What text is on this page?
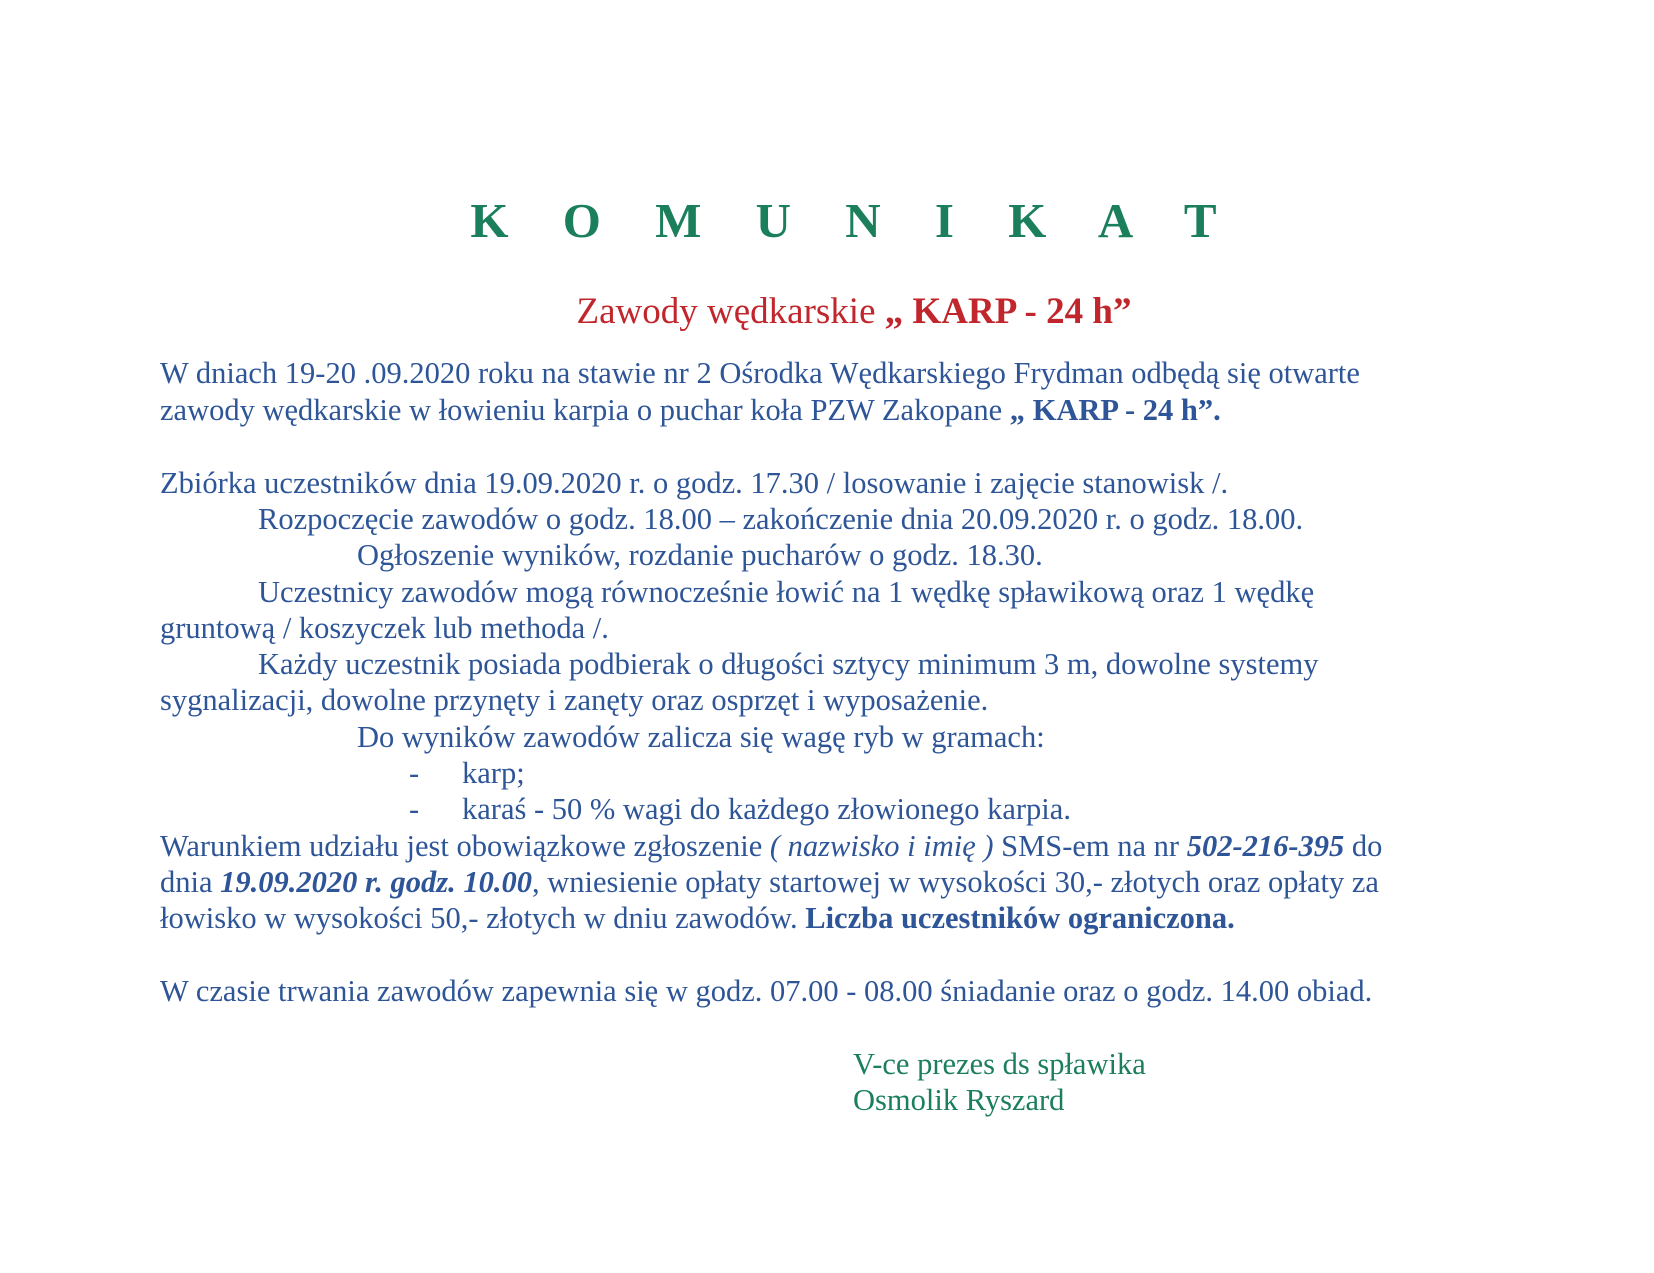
K O M U N I K A T

Zawody wędkarskie „ KARP - 24 h”

W dniach 19-20 .09.2020 roku na stawie nr 2 Ośrodka Wędkarskiego Frydman odbędą się otwarte

zawody wędkarskie w łowieniu karpia o puchar koła PZW Zakopane „ KARP - 24 h”.

Zbiórka uczestników dnia 19.09.2020 r. o godz. 17.30 / losowanie i zajęcie stanowisk /.

Rozpoczęcie zawodów o godz. 18.00 – zakończenie dnia 20.09.2020 r. o godz. 18.00.

Ogłoszenie wyników, rozdanie pucharów o godz. 18.30.

Uczestnicy zawodów mogą równocześnie łowić na 1 wędkę spławikową oraz 1 wędkę

gruntową / koszyczek lub methoda /.

Każdy uczestnik posiada podbierak o długości sztycy minimum 3 m, dowolne systemy

sygnalizacji, dowolne przynęty i zanęty oraz osprzęt i wyposażenie.

Do wyników zawodów zalicza się wagę ryb w gramach:

- karp;

- karaś - 50 % wagi do każdego złowionego karpia.

Warunkiem udziału jest obowiązkowe zgłoszenie ( nazwisko i imię ) SMS-em na nr 502-216-395 do

dnia 19.09.2020 r. godz. 10.00, wniesienie opłaty startowej w wysokości 30,- złotych oraz opłaty za

łowisko w wysokości 50,- złotych w dniu zawodów. Liczba uczestników ograniczona.

W czasie trwania zawodów zapewnia się w godz. 07.00 - 08.00 śniadanie oraz o godz. 14.00 obiad.

V-ce prezes ds spławika

Osmolik Ryszard
